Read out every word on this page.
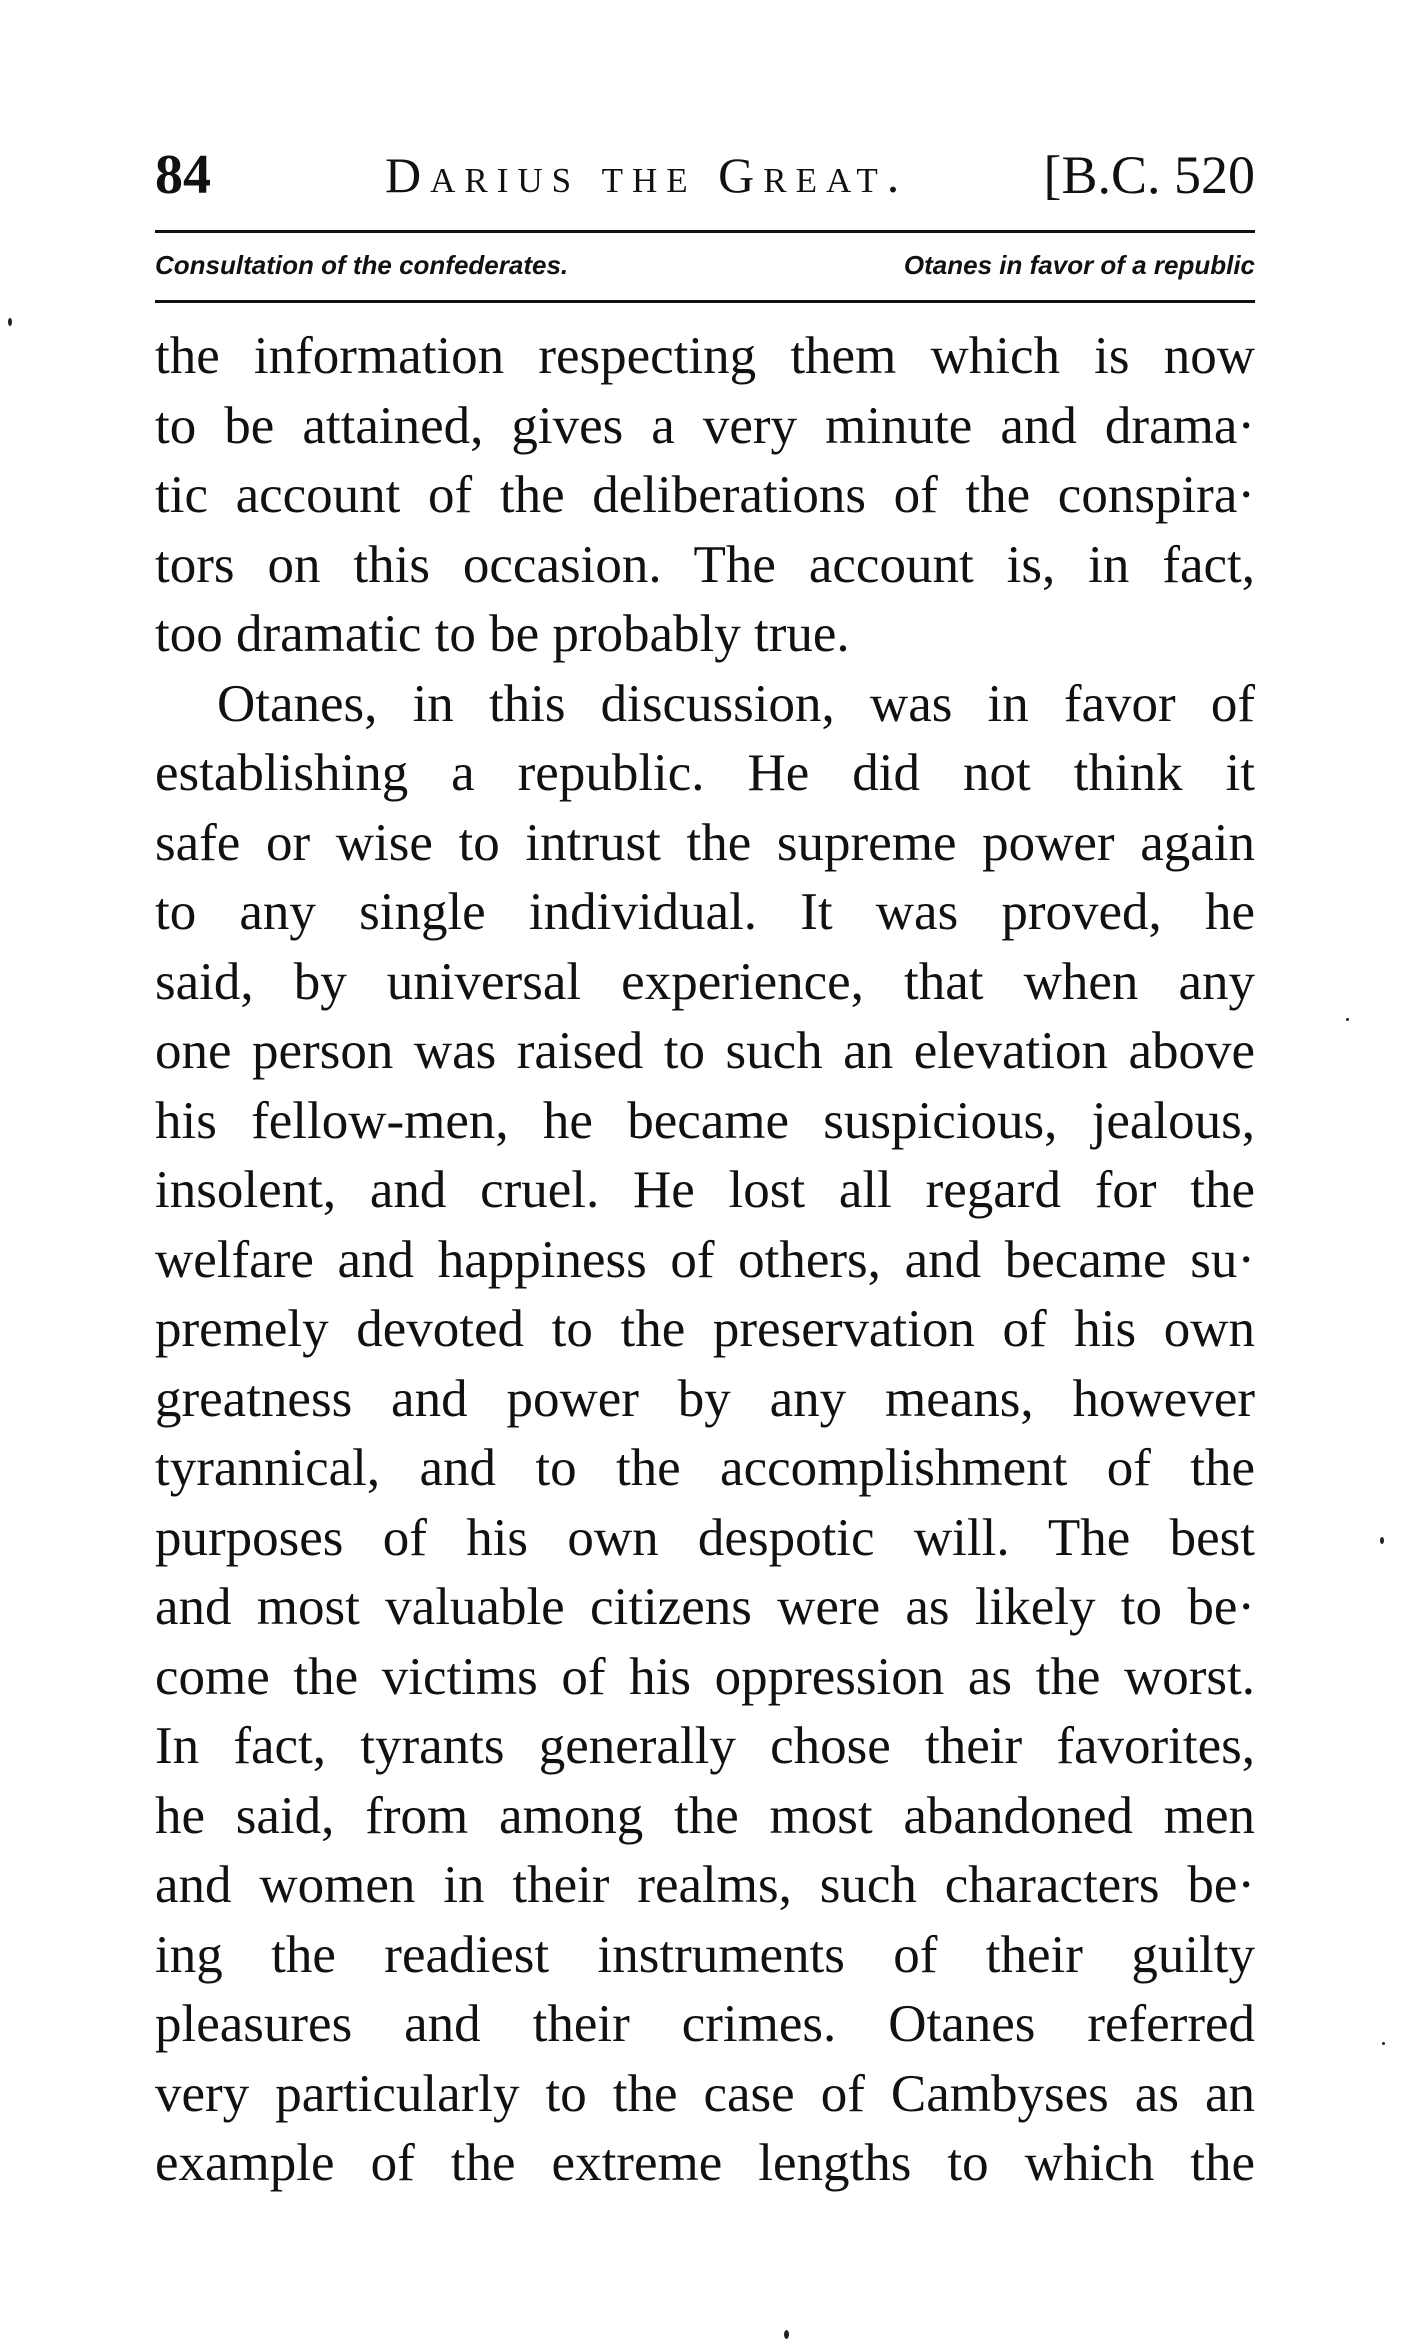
84	Darius the Great.	[B.C. 520
Consultation of the confederates.	Otanes in favor of a republic
the information respecting them which is now
to be attained, gives a very minute and drama·
tic account of the deliberations of the conspira·
tors on this occasion. The account is, in fact,
too dramatic to be probably true.
Otanes, in this discussion, was in favor of
establishing a republic. He did not think it
safe or wise to intrust the supreme power again
to any single individual. It was proved, he
said, by universal experience, that when any
one person was raised to such an elevation above
his fellow-men, he became suspicious, jealous,
insolent, and cruel. He lost all regard for the
welfare and happiness of others, and became su·
premely devoted to the preservation of his own
greatness and power by any means, however
tyrannical, and to the accomplishment of the
purposes of his own despotic will. The best
and most valuable citizens were as likely to be·
come the victims of his oppression as the worst.
In fact, tyrants generally chose their favorites,
he said, from among the most abandoned men
and women in their realms, such characters be·
ing the readiest instruments of their guilty
pleasures and their crimes. Otanes referred
very particularly to the case of Cambyses as an
example of the extreme lengths to which the
